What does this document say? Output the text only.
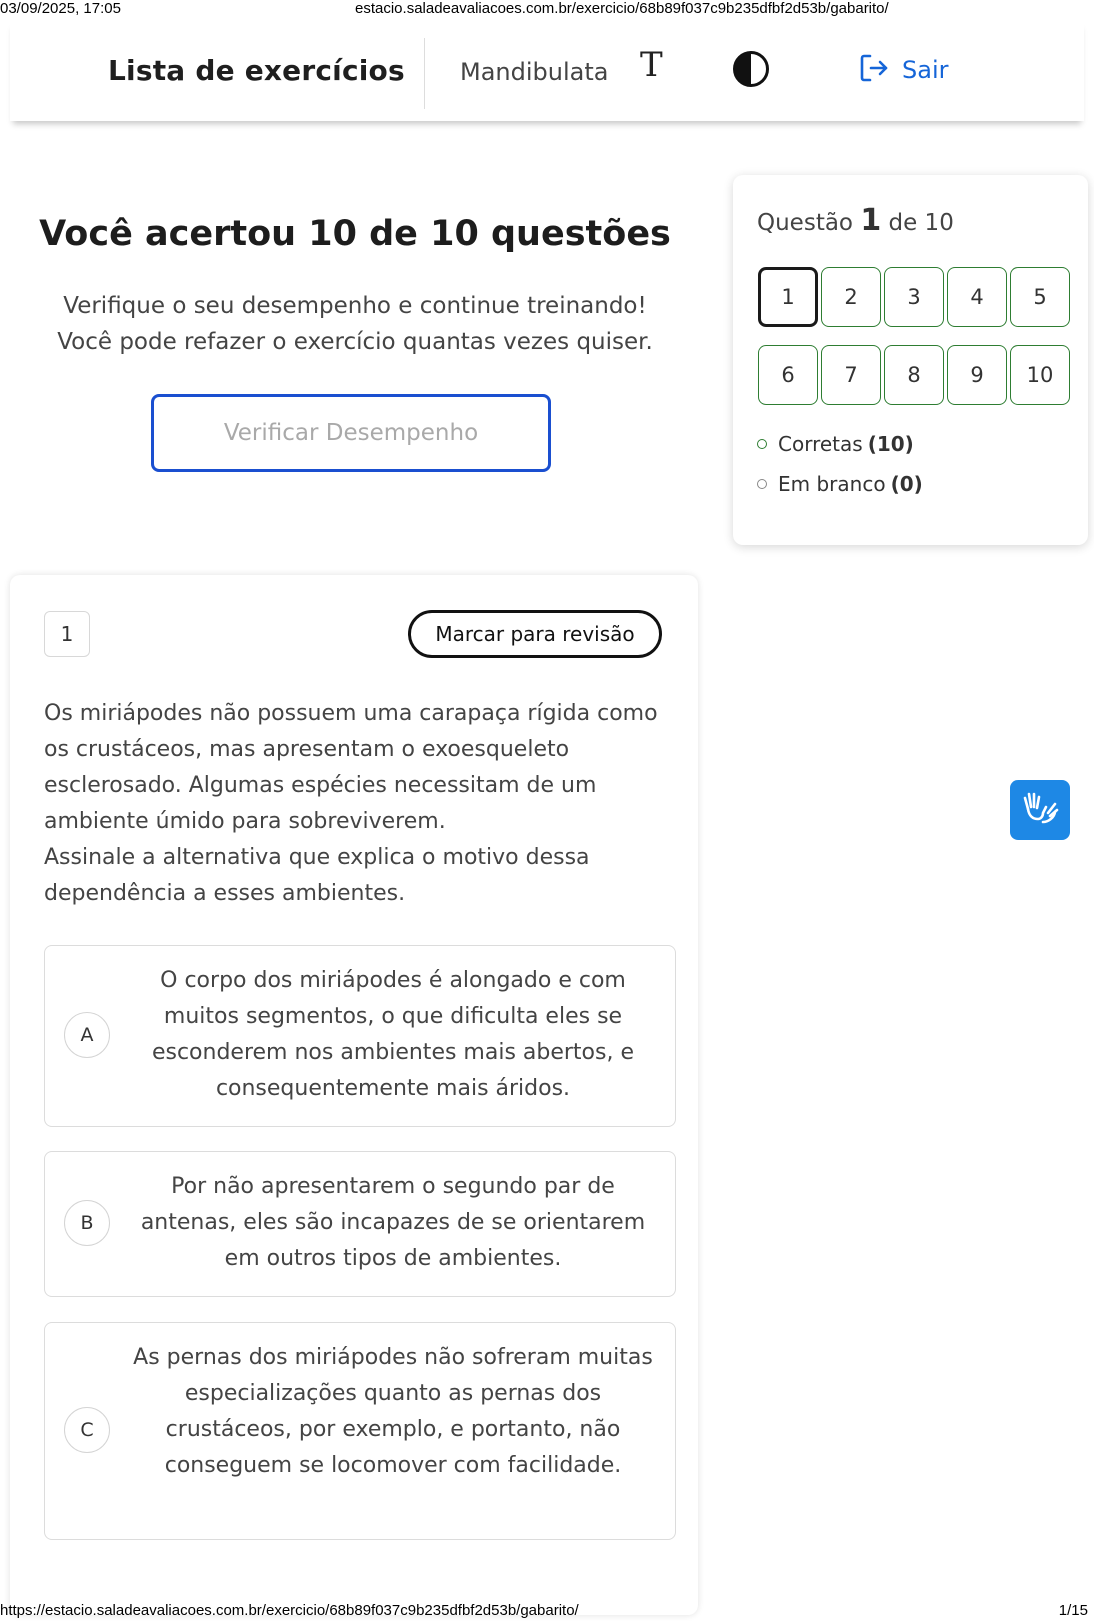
03/09/2025, 17:05	estacio.saladeavaliacoes.com.br/exercicio/68b89f037c9b235dfbf2d53b/gabarito/
Lista de exercícios Mandibulata T	Sair
Você acertou 10 de 10 questões
Verifique o seu desempenho e continue treinando!
Você pode refazer o exercício quantas vezes quiser.
Verificar Desempenho
Questão 1 de 10
1	2	3	4	5
6	7	8	9	10
Corretas (10)
Em branco (0)
1	Marcar para revisão

Os miriápodes não possuem uma carapaça rígida como os crustáceos, mas apresentam o exoesqueleto esclerosado. Algumas espécies necessitam de um ambiente úmido para sobreviverem.

Assinale a alternativa que explica o motivo dessa dependência a esses ambientes.

A
O corpo dos miriápodes é alongado e com muitos segmentos, o que dificulta eles se esconderem nos ambientes mais abertos, e consequentemente mais áridos.
B
Por não apresentarem o segundo par de antenas, eles são incapazes de se orientarem em outros tipos de ambientes.
C
As pernas dos miriápodes não sofreram muitas especializações quanto as pernas dos crustáceos, por exemplo, e portanto, não conseguem se locomover com facilidade.
https://estacio.saladeavaliacoes.com.br/exercicio/68b89f037c9b235dfbf2d53b/gabarito/	1/15
